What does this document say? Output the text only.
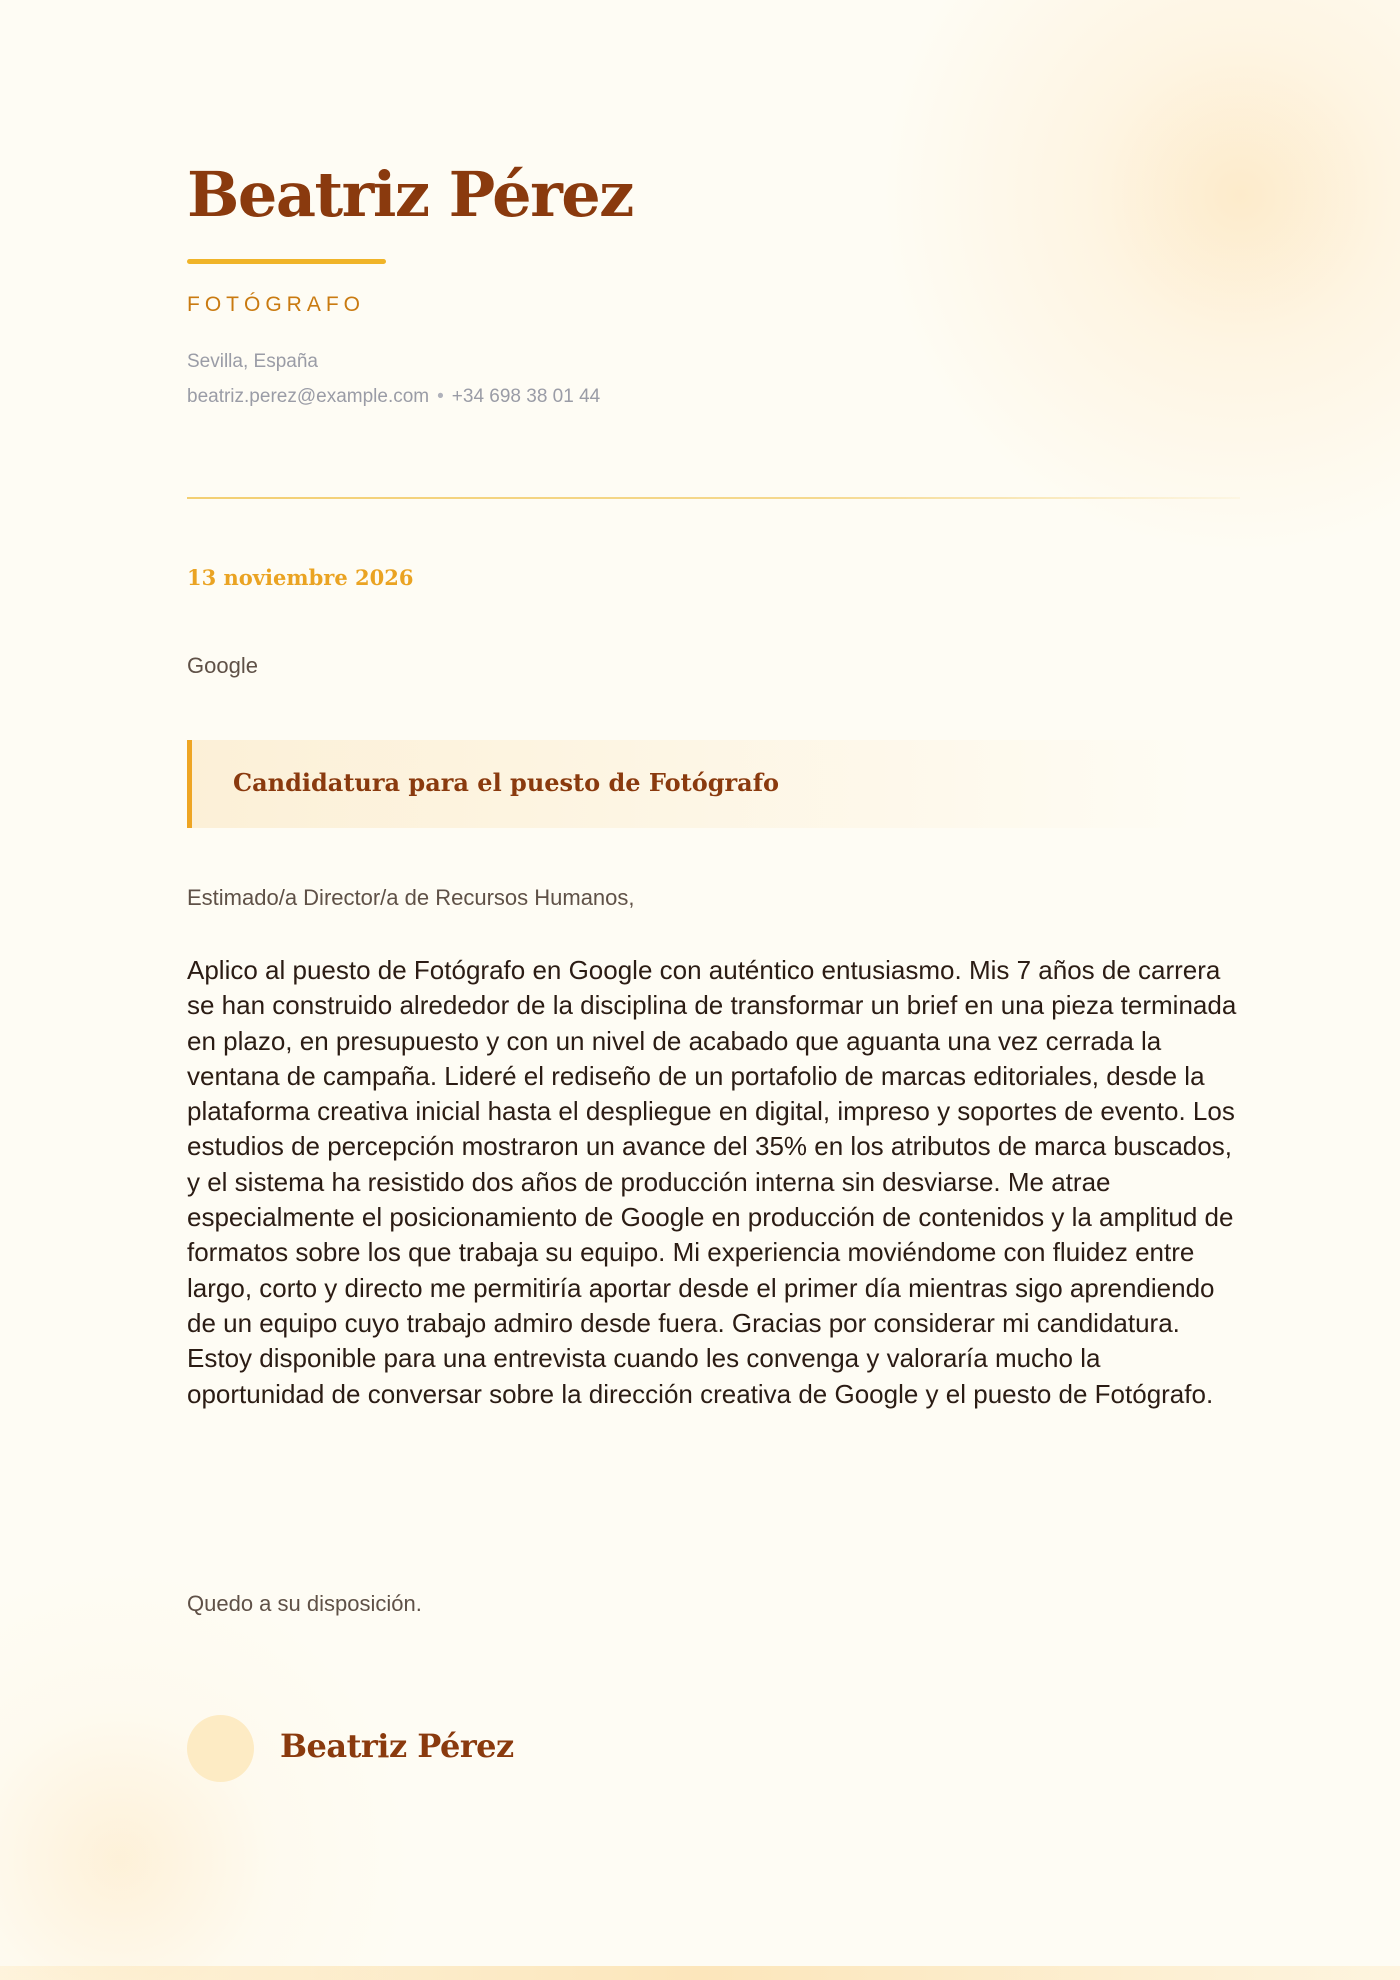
Beatriz Pérez
FOTÓGRAFO
Sevilla, España
beatriz.perez@example.com • +34 698 38 01 44
13 noviembre 2026
Google
Candidatura para el puesto de Fotógrafo
Estimado/a Director/a de Recursos Humanos,

Aplico al puesto de Fotógrafo en Google con auténtico entusiasmo. Mis 7 años de carrera se han construido alrededor de la disciplina de transformar un brief en una pieza terminada en plazo, en presupuesto y con un nivel de acabado que aguanta una vez cerrada la ventana de campaña. Lideré el rediseño de un portafolio de marcas editoriales, desde la plataforma creativa inicial hasta el despliegue en digital, impreso y soportes de evento. Los estudios de percepción mostraron un avance del 35% en los atributos de marca buscados, y el sistema ha resistido dos años de producción interna sin desviarse. Me atrae especialmente el posicionamiento de Google en producción de contenidos y la amplitud de formatos sobre los que trabaja su equipo. Mi experiencia moviéndome con fluidez entre largo, corto y directo me permitiría aportar desde el primer día mientras sigo aprendiendo de un equipo cuyo trabajo admiro desde fuera. Gracias por considerar mi candidatura. Estoy disponible para una entrevista cuando les convenga y valoraría mucho la oportunidad de conversar sobre la dirección creativa de Google y el puesto de Fotógrafo.

Quedo a su disposición.
Beatriz Pérez
